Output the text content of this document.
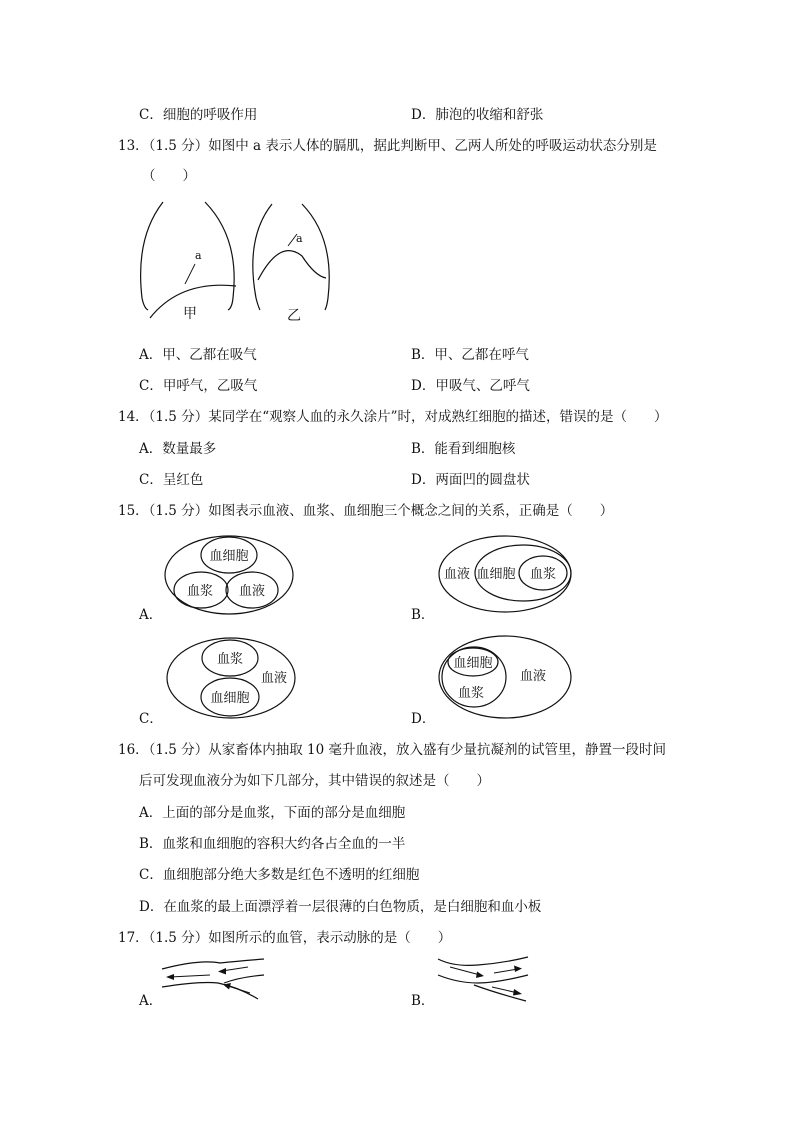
C．细胞的呼吸作用	D．肺泡的收缩和舒张
13．（1.5 分）如图中 a 表示人体的膈肌，据此判断甲、乙两人所处的呼吸运动状态分别是
（　　）
a
甲
a
乙
A．甲、乙都在吸气	B．甲、乙都在呼气
C．甲呼气，乙吸气	D．甲吸气、乙呼气
14．（1.5 分）某同学在“观察人血的永久涂片”时，对成熟红细胞的描述，错误的是（　　）
A．数量最多	B．能看到细胞核
C．呈红色	D．两面凹的圆盘状
15．（1.5 分）如图表示血液、血浆、血细胞三个概念之间的关系，正确是（　　）
A．
血细胞
血浆 血液
B．
血液 血细胞 血浆
C．
血浆
血细胞
血液
D．
血细胞
血浆
血液
16．（1.5 分）从家畜体内抽取 10 毫升血液，放入盛有少量抗凝剂的试管里，静置一段时间
后可发现血液分为如下几部分，其中错误的叙述是（　　）
A．上面的部分是血浆，下面的部分是血细胞
B．血浆和血细胞的容积大约各占全血的一半
C．血细胞部分绝大多数是红色不透明的红细胞
D．在血浆的最上面漂浮着一层很薄的白色物质，是白细胞和血小板
17．（1.5 分）如图所示的血管，表示动脉的是（　　）
A．	B．
